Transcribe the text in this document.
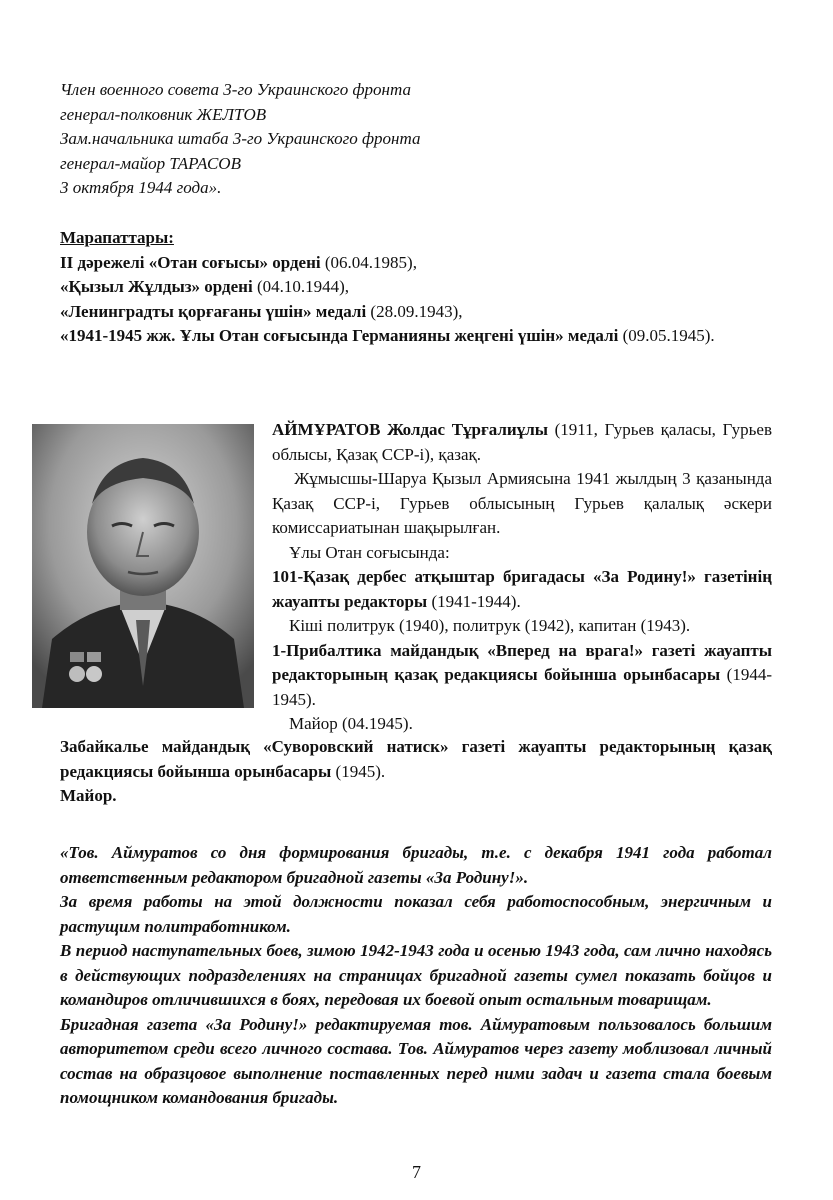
Член военного совета 3-го Украинского фронта

генерал-полковник ЖЕЛТОВ

Зам.начальника штаба 3-го Украинского фронта

генерал-майор ТАРАСОВ

3 октября 1944 года».

Марапаттары:

II дәрежелі «Отан соғысы» ордені (06.04.1985),

«Қызыл Жұлдыз» ордені (04.10.1944),

«Ленинградты қорғағаны үшін» медалі (28.09.1943),

«1941-1945 жж. Ұлы Отан соғысында Германияны жеңгені үшін» медалі (09.05.1945).

АЙМҰРАТОВ Жолдас Тұрғалиұлы (1911, Гурьев қаласы, Гурьев облысы, Қазақ ССР-і), қазақ.

Жұмысшы-Шаруа Қызыл Армиясына 1941 жылдың 3 қазанында Қазақ ССР-і, Гурьев облысының Гурьев қалалық әскери комиссариатынан шақырылған.

Ұлы Отан соғысында:

101-Қазақ дербес атқыштар бригадасы «За Родину!» газетінің жауапты редакторы (1941-1944).

Кіші политрук (1940), политрук (1942), капитан (1943).

1-Прибалтика майдандық «Вперед на врага!» газеті жауапты редакторының қазақ редакциясы бойынша орынбасары (1944-1945).

Майор (04.1945).

Забайкалье майдандық «Суворовский натиск» газеті жауапты редакторының қазақ редакциясы бойынша орынбасары (1945).

Майор.

«Тов. Аймуратов со дня формирования бригады, т.е. с декабря 1941 года работал ответственным редактором бригадной газеты «За Родину!».

За время работы на этой должности показал себя работоспособным, энергичным и растущим политработником.

В период наступательных боев, зимою 1942-1943 года и осенью 1943 года, сам лично находясь в действующих подразделениях на страницах бригадной газеты сумел показать бойцов и командиров отличившихся в боях, передовая их боевой опыт остальным товарищам.

Бригадная газета «За Родину!» редактируемая тов. Аймуратовым пользовалось большим авторитетом среди всего личного состава. Тов. Аймуратов через газету моблизовал личный состав на образцовое выполнение поставленных перед ними задач и газета стала боевым помощником командования бригады.

7
